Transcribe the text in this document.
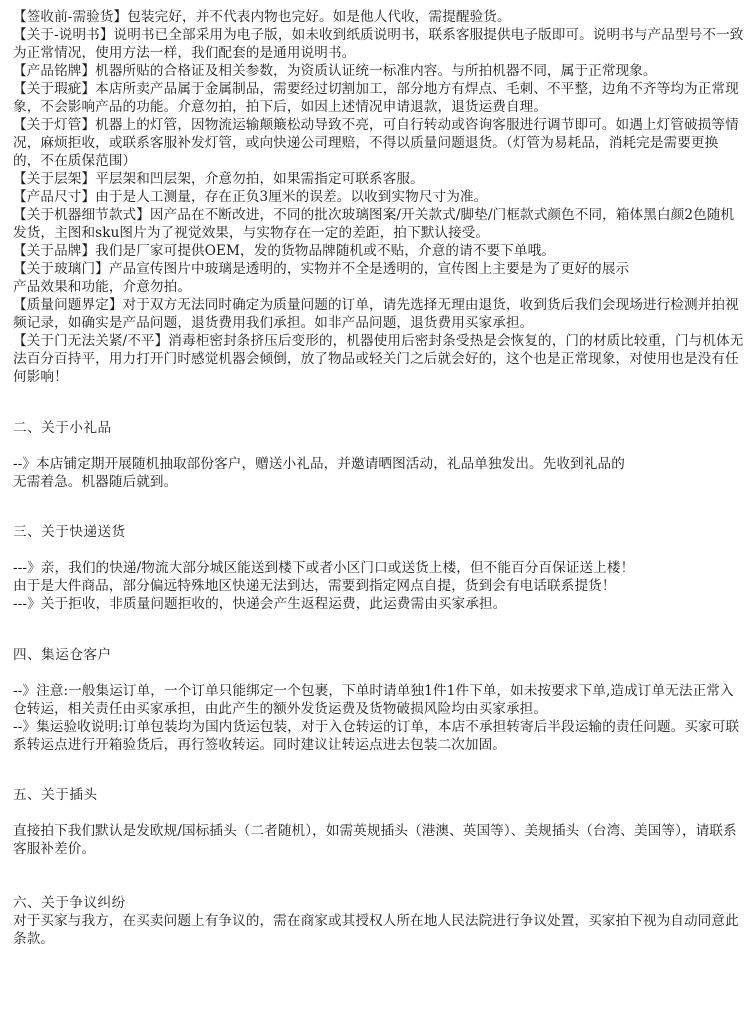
【签收前-需验货】包装完好，并不代表内物也完好。如是他人代收，需提醒验货。

【关于-说明书】说明书已全部采用为电子版，如未收到纸质说明书，联系客服提供电子版即可。说明书与产品型号不一致为正常情况，使用方法一样，我们配套的是通用说明书。

【产品铭牌】机器所贴的合格证及相关参数，为资质认证统一标准内容。与所拍机器不同，属于正常现象。

【关于瑕疵】本店所卖产品属于金属制品，需要经过切割加工，部分地方有焊点、毛刺、不平整，边角不齐等均为正常现象，不会影响产品的功能。介意勿拍，拍下后，如因上述情况申请退款，退货运费自理。

【关于灯管】机器上的灯管，因物流运输颠簸松动导致不亮，可自行转动或咨询客服进行调节即可。如遇上灯管破损等情况，麻烦拒收，或联系客服补发灯管，或向快递公司理赔，不得以质量问题退货。（灯管为易耗品，消耗完是需要更换的，不在质保范围）

【关于层架】平层架和凹层架，介意勿拍，如果需指定可联系客服。

【产品尺寸】由于是人工测量，存在正负3厘米的误差。以收到实物尺寸为准。

【关于机器细节款式】因产品在不断改进，不同的批次玻璃图案/开关款式/脚垫/门框款式颜色不同，箱体黑白颜2色随机发货，主图和sku图片为了视觉效果，与实物存在一定的差距，拍下默认接受。

【关于品牌】我们是厂家可提供OEM，发的货物品牌随机或不贴，介意的请不要下单哦。

【关于玻璃门】产品宣传图片中玻璃是透明的，实物并不全是透明的，宣传图上主要是为了更好的展示

产品效果和功能，介意勿拍。

【质量问题界定】对于双方无法同时确定为质量问题的订单，请先选择无理由退货，收到货后我们会现场进行检测并拍视频记录，如确实是产品问题，退货费用我们承担。如非产品问题，退货费用买家承担。

【关于门无法关紧/不平】消毒柜密封条挤压后变形的，机器使用后密封条受热是会恢复的，门的材质比较重，门与机体无法百分百持平，用力打开门时感觉机器会倾倒，放了物品或轻关门之后就会好的，这个也是正常现象，对使用也是没有任何影响！

二、关于小礼品

--》本店铺定期开展随机抽取部份客户，赠送小礼品，并邀请晒图活动，礼品单独发出。先收到礼品的

无需着急。机器随后就到。

三、关于快递送货

---》亲，我们的快递/物流大部分城区能送到楼下或者小区门口或送货上楼，但不能百分百保证送上楼！

由于是大件商品，部分偏远特殊地区快递无法到达，需要到指定网点自提，货到会有电话联系提货！

---》关于拒收，非质量问题拒收的，快递会产生返程运费，此运费需由买家承担。

四、集运仓客户

--》注意:一般集运订单，一个订单只能绑定一个包裹，下单时请单独1件1件下单，如未按要求下单,造成订单无法正常入仓转运，相关责任由买家承担，由此产生的额外发货运费及货物破损风险均由买家承担。

--》集运验收说明:订单包装均为国内货运包装，对于入仓转运的订单，本店不承担转寄后半段运输的责任问题。买家可联系转运点进行开箱验货后，再行签收转运。同时建议让转运点进去包装二次加固。

五、关于插头

直接拍下我们默认是发欧规/国标插头（二者随机），如需英规插头（港澳、英国等）、美规插头（台湾、美国等），请联系客服补差价。

六、关于争议纠纷

对于买家与我方，在买卖问题上有争议的，需在商家或其授权人所在地人民法院进行争议处置，买家拍下视为自动同意此条款。
